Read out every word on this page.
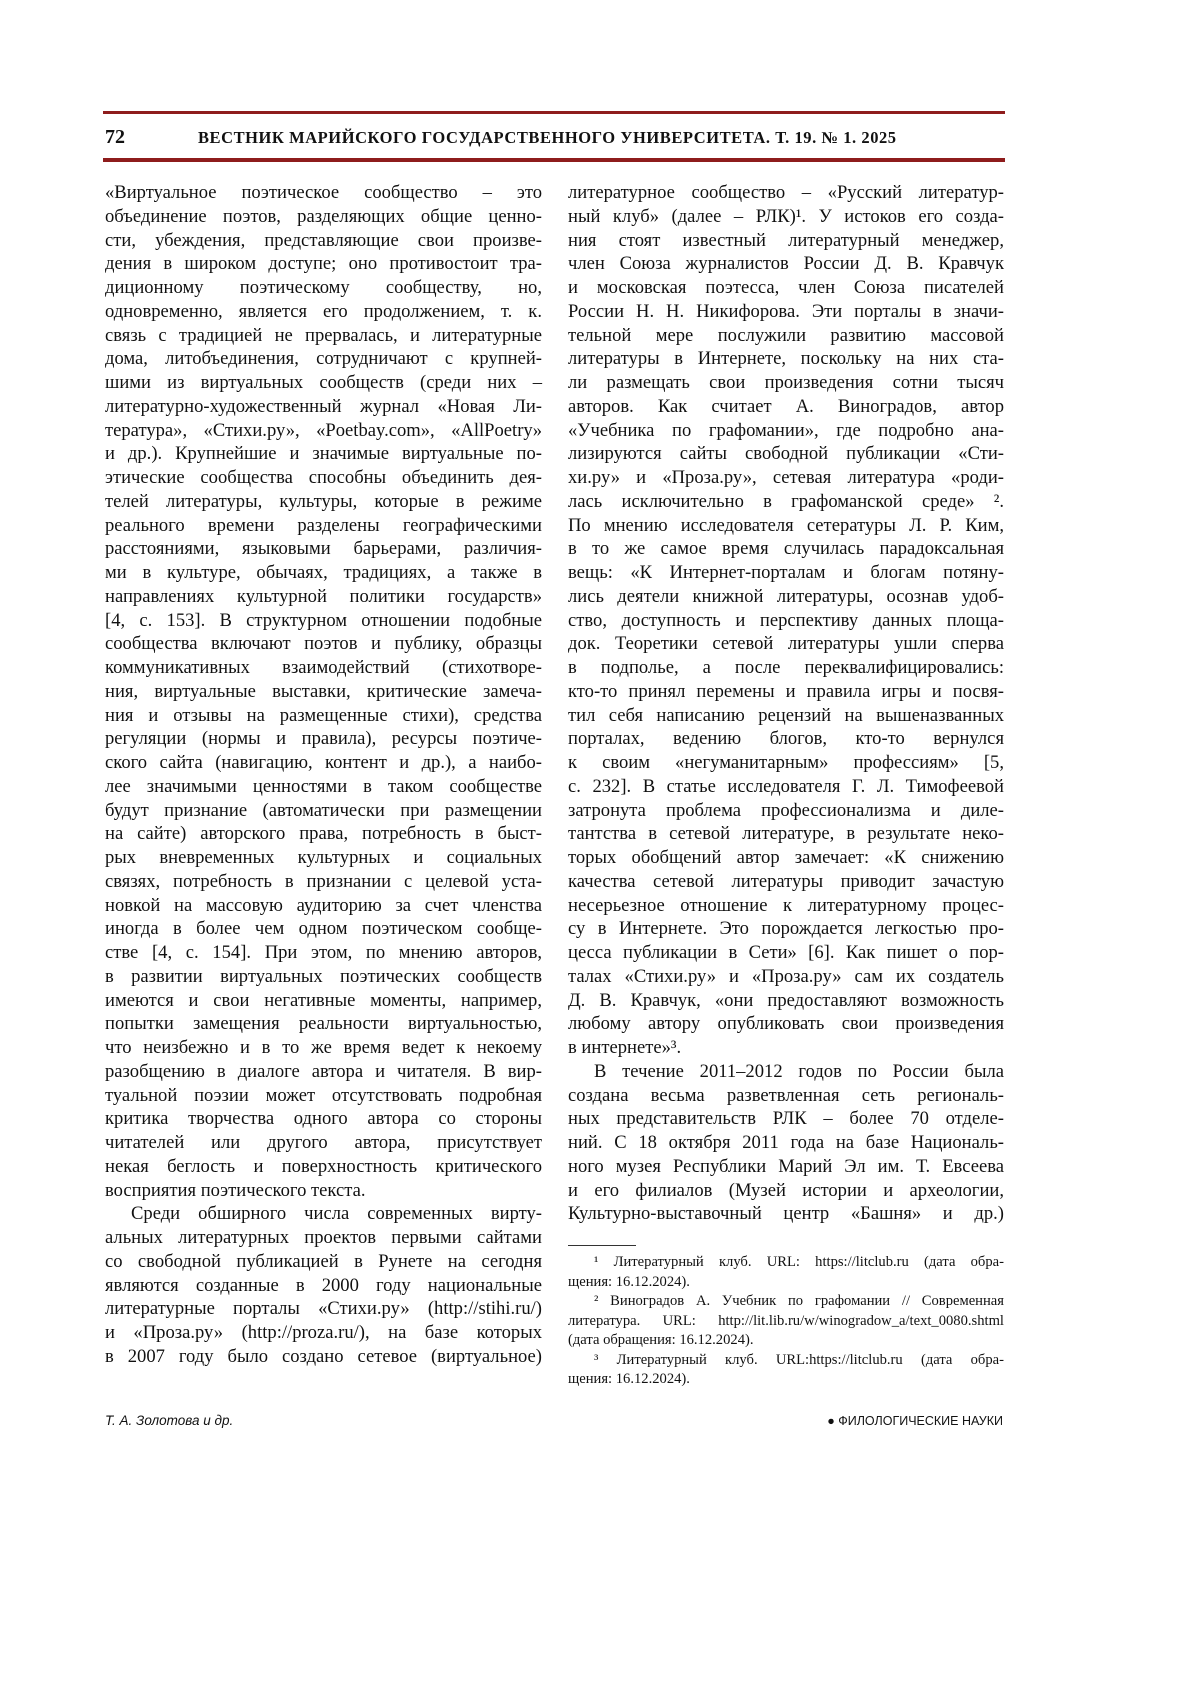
72	ВЕСТНИК МАРИЙСКОГО ГОСУДАРСТВЕННОГО УНИВЕРСИТЕТА. Т. 19. № 1. 2025
«Виртуальное поэтическое сообщество – это
объединение поэтов, разделяющих общие ценно-
сти, убеждения, представляющие свои произве-
дения в широком доступе; оно противостоит тра-
диционному поэтическому сообществу, но,
одновременно, является его продолжением, т. к.
связь с традицией не прервалась, и литературные
дома, литобъединения, сотрудничают с крупней-
шими из виртуальных сообществ (среди них –
литературно-художественный журнал «Новая Ли-
тература», «Стихи.ру», «Poetbay.com», «AllPoetry»
и др.). Крупнейшие и значимые виртуальные по-
этические сообщества способны объединить дея-
телей литературы, культуры, которые в режиме
реального времени разделены географическими
расстояниями, языковыми барьерами, различия-
ми в культуре, обычаях, традициях, а также в
направлениях культурной политики государств»
[4, с. 153]. В структурном отношении подобные
сообщества включают поэтов и публику, образцы
коммуникативных взаимодействий (стихотворе-
ния, виртуальные выставки, критические замеча-
ния и отзывы на размещенные стихи), средства
регуляции (нормы и правила), ресурсы поэтиче-
ского сайта (навигацию, контент и др.), а наибо-
лее значимыми ценностями в таком сообществе
будут признание (автоматически при размещении
на сайте) авторского права, потребность в быст-
рых вневременных культурных и социальных
связях, потребность в признании с целевой уста-
новкой на массовую аудиторию за счет членства
иногда в более чем одном поэтическом сообще-
стве [4, с. 154]. При этом, по мнению авторов,
в развитии виртуальных поэтических сообществ
имеются и свои негативные моменты, например,
попытки замещения реальности виртуальностью,
что неизбежно и в то же время ведет к некоему
разобщению в диалоге автора и читателя. В вир-
туальной поэзии может отсутствовать подробная
критика творчества одного автора со стороны
читателей или другого автора, присутствует
некая беглость и поверхностность критического
восприятия поэтического текста.
Среди обширного числа современных вирту-
альных литературных проектов первыми сайтами
со свободной публикацией в Рунете на сегодня
являются созданные в 2000 году национальные
литературные порталы «Стихи.ру» (http://stihi.ru/)
и «Проза.ру» (http://proza.ru/), на базе которых
в 2007 году было создано сетевое (виртуальное)
литературное сообщество – «Русский литератур-
ный клуб» (далее – РЛК)¹. У истоков его созда-
ния стоят известный литературный менеджер,
член Союза журналистов России Д. В. Кравчук
и московская поэтесса, член Союза писателей
России Н. Н. Никифорова. Эти порталы в значи-
тельной мере послужили развитию массовой
литературы в Интернете, поскольку на них ста-
ли размещать свои произведения сотни тысяч
авторов. Как считает А. Виноградов, автор
«Учебника по графомании», где подробно ана-
лизируются сайты свободной публикации «Сти-
хи.ру» и «Проза.ру», сетевая литература «роди-
лась исключительно в графоманской среде» ².
По мнению исследователя сетературы Л. Р. Ким,
в то же самое время случилась парадоксальная
вещь: «К Интернет-порталам и блогам потяну-
лись деятели книжной литературы, осознав удоб-
ство, доступность и перспективу данных площа-
док. Теоретики сетевой литературы ушли сперва
в подполье, а после переквалифицировались:
кто-то принял перемены и правила игры и посвя-
тил себя написанию рецензий на вышеназванных
порталах, ведению блогов, кто-то вернулся
к своим «негуманитарным» профессиям» [5,
с. 232]. В статье исследователя Г. Л. Тимофеевой
затронута проблема профессионализма и диле-
тантства в сетевой литературе, в результате неко-
торых обобщений автор замечает: «К снижению
качества сетевой литературы приводит зачастую
несерьезное отношение к литературному процес-
су в Интернете. Это порождается легкостью про-
цесса публикации в Сети» [6]. Как пишет о пор-
талах «Стихи.ру» и «Проза.ру» сам их создатель
Д. В. Кравчук, «они предоставляют возможность
любому автору опубликовать свои произведения
в интернете»³.
В течение 2011–2012 годов по России была
создана весьма разветвленная сеть региональ-
ных представительств РЛК – более 70 отделе-
ний. С 18 октября 2011 года на базе Националь-
ного музея Республики Марий Эл им. Т. Евсеева
и его филиалов (Музей истории и археологии,
Культурно-выставочный центр «Башня» и др.)
¹ Литературный клуб. URL: https://litclub.ru (дата обра-
щения: 16.12.2024).
² Виноградов А. Учебник по графомании // Современная
литература. URL: http://lit.lib.ru/w/winogradow_a/text_0080.shtml
(дата обращения: 16.12.2024).
³ Литературный клуб. URL:https://litclub.ru (дата обра-
щения: 16.12.2024).
Т. А. Золотова и др.	● ФИЛОЛОГИЧЕСКИЕ НАУКИ
